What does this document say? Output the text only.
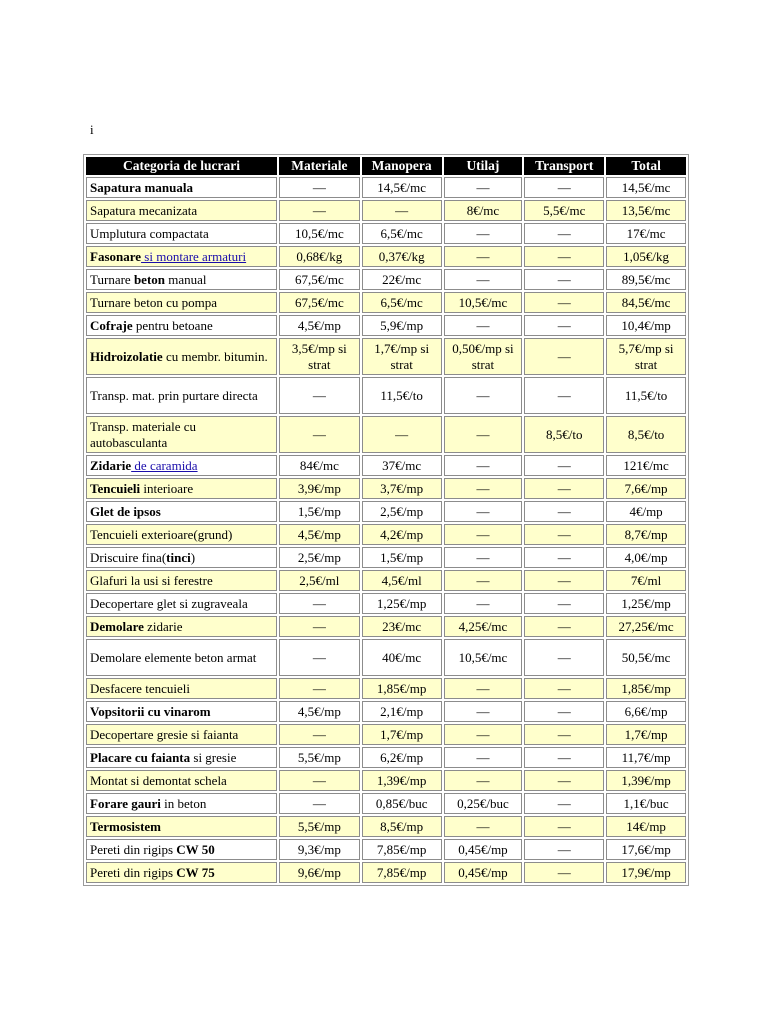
i
Categoria de lucrari	Materiale	Manopera	Utilaj	Transport	Total
Sapatura manuala	—	14,5€/mc	—	—	14,5€/mc
Sapatura mecanizata	—	—	8€/mc	5,5€/mc	13,5€/mc
Umplutura compactata	10,5€/mc	6,5€/mc	—	—	17€/mc
Fasonare si montare armaturi	0,68€/kg	0,37€/kg	—	—	1,05€/kg
Turnare beton manual	67,5€/mc	22€/mc	—	—	89,5€/mc
Turnare beton cu pompa	67,5€/mc	6,5€/mc	10,5€/mc	—	84,5€/mc
Cofraje pentru betoane	4,5€/mp	5,9€/mp	—	—	10,4€/mp
Hidroizolatie cu membr. bitumin.	3,5€/mp si strat	1,7€/mp si strat	0,50€/mp si strat	—	5,7€/mp si strat
Transp. mat. prin purtare directa	—	11,5€/to	—	—	11,5€/to
Transp. materiale cu autobasculanta	—	—	—	8,5€/to	8,5€/to
Zidarie de caramida	84€/mc	37€/mc	—	—	121€/mc
Tencuieli interioare	3,9€/mp	3,7€/mp	—	—	7,6€/mp
Glet de ipsos	1,5€/mp	2,5€/mp	—	—	4€/mp
Tencuieli exterioare(grund)	4,5€/mp	4,2€/mp	—	—	8,7€/mp
Driscuire fina(tinci)	2,5€/mp	1,5€/mp	—	—	4,0€/mp
Glafuri la usi si ferestre	2,5€/ml	4,5€/ml	—	—	7€/ml
Decopertare glet si zugraveala	—	1,25€/mp	—	—	1,25€/mp
Demolare zidarie	—	23€/mc	4,25€/mc	—	27,25€/mc
Demolare elemente beton armat	—	40€/mc	10,5€/mc	—	50,5€/mc
Desfacere tencuieli	—	1,85€/mp	—	—	1,85€/mp
Vopsitorii cu vinarom	4,5€/mp	2,1€/mp	—	—	6,6€/mp
Decopertare gresie si faianta	—	1,7€/mp	—	—	1,7€/mp
Placare cu faianta si gresie	5,5€/mp	6,2€/mp	—	—	11,7€/mp
Montat si demontat schela	—	1,39€/mp	—	—	1,39€/mp
Forare gauri in beton	—	0,85€/buc	0,25€/buc	—	1,1€/buc
Termosistem	5,5€/mp	8,5€/mp	—	—	14€/mp
Pereti din rigips CW 50	9,3€/mp	7,85€/mp	0,45€/mp	—	17,6€/mp
Pereti din rigips CW 75	9,6€/mp	7,85€/mp	0,45€/mp	—	17,9€/mp
